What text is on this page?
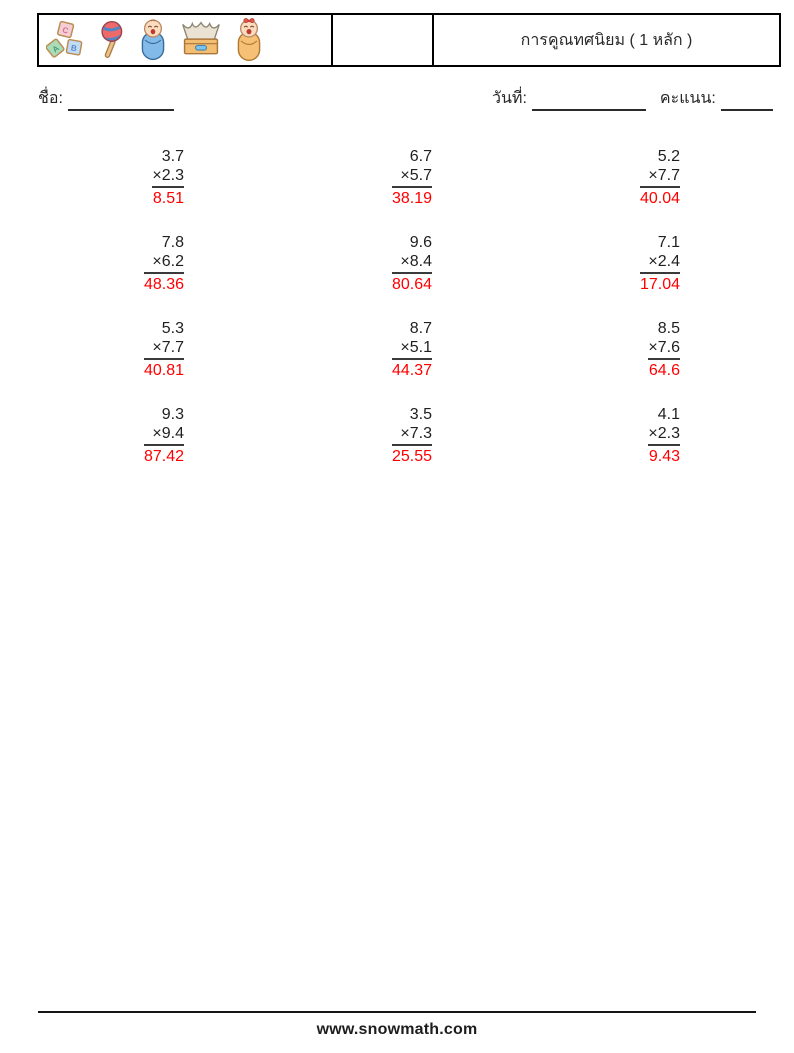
C
A B	การคูณทศนิยม ( 1 หลัก )
ชื่อ:	วันที่:	คะแนน:
3.7
×2.3
8.51
6.7
×5.7
38.19
5.2
×7.7
40.04
7.8
×6.2
48.36
9.6
×8.4
80.64
7.1
×2.4
17.04
5.3
×7.7
40.81
8.7
×5.1
44.37
8.5
×7.6
64.6
9.3
×9.4
87.42
3.5
×7.3
25.55
4.1
×2.3
9.43
www.snowmath.com
